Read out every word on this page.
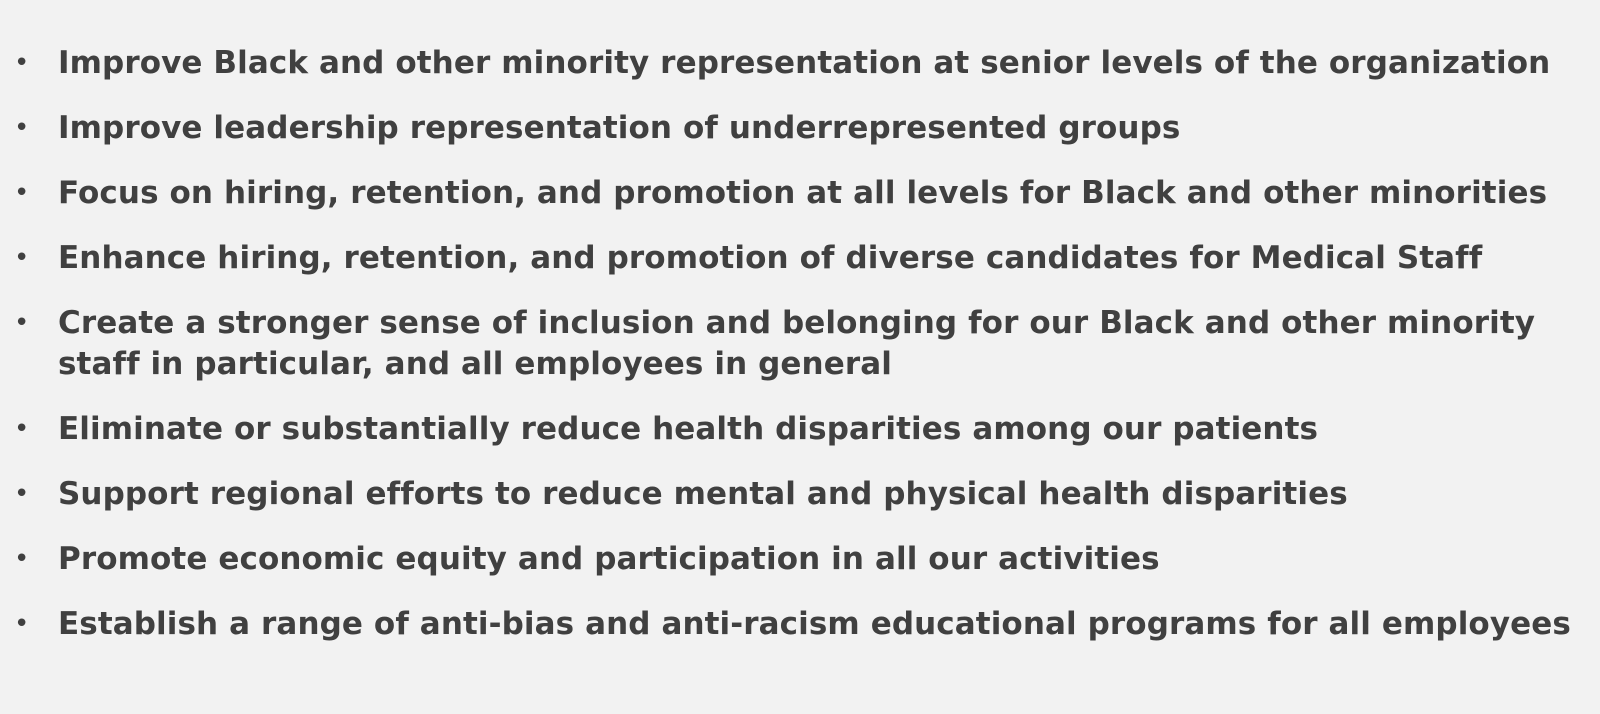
• Improve Black and other minority representation at senior levels of the organization
• Improve leadership representation of underrepresented groups
• Focus on hiring, retention, and promotion at all levels for Black and other minorities
• Enhance hiring, retention, and promotion of diverse candidates for Medical Staff
• Create a stronger sense of inclusion and belonging for our Black and other minority staff in particular, and all employees in general
• Eliminate or substantially reduce health disparities among our patients
• Support regional efforts to reduce mental and physical health disparities
• Promote economic equity and participation in all our activities
• Establish a range of anti-bias and anti-racism educational programs for all employees
